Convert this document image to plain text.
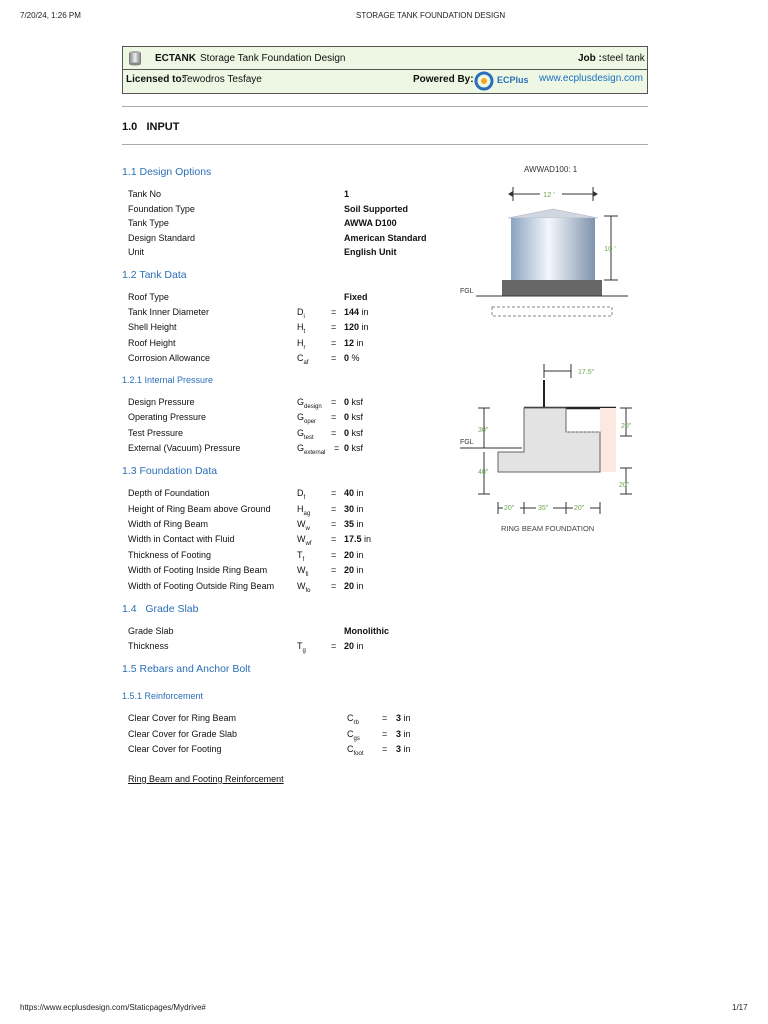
7/20/24, 1:26 PM	STORAGE TANK FOUNDATION DESIGN
ECTANK Storage Tank Foundation Design	Job : steel tank
Licensed to:
Tewodros Tesfaye	Powered By:	ECPlus www.ecplusdesign.com
1.0   INPUT
1.1 Design Options
Tank No	1
Foundation Type	Soil Supported
Tank Type	AWWA D100
Design Standard	American Standard
Unit	English Unit
1.2 Tank Data
Roof Type	Fixed
Tank Inner Diameter	$D_i$	= 144 in
Shell Height	$H_t$	= 120 in
Roof Height	$H_r$	= 12 in
Corrosion Allowance	$C_{af} = 0$ %
1.2.1 Internal Pressure
Design Pressure	$G_{design} = 0$ ksf
Operating Pressure	$G_{oper} = 0$ ksf
Test Pressure	$G_{test} = 0$ ksf
External (Vacuum) Pressure	$G_{external} = 0$ ksf
1.3 Foundation Data
Depth of Foundation	$D_f$	= 40 in
Height of Ring Beam above Ground	$H_{ag} = 30$ in
Width of Ring Beam	$W_w = 35$ in
Width in Contact with Fluid	$W_{wf} = 17.5$ in
Thickness of Footing	$T_f$	= 20 in
Width of Footing Inside Ring Beam	$W_{fi}$	= 20 in
Width of Footing Outside Ring Beam	$W_{fo} = 20$ in
1.4   Grade Slab
Grade Slab	Monolithic
Thickness	$T_g$	= 20 in
1.5 Rebars and Anchor Bolt
1.5.1 Reinforcement
Clear Cover for Ring Beam	$C_{rb}$	= 3 in
Clear Cover for Grade Slab	$C_{gs} = 3$ in
Clear Cover for Footing	$C_{foot} = 3$ in
Ring Beam and Footing Reinforcement
AWWAD100: 1
12 '
10 '
FGL
17.5"
30"
FGL
40"
20"
20"
20"	35"	20"
RING BEAM FOUNDATION
https://www.ecplusdesign.com/Staticpages/Mydrive#	1/17
